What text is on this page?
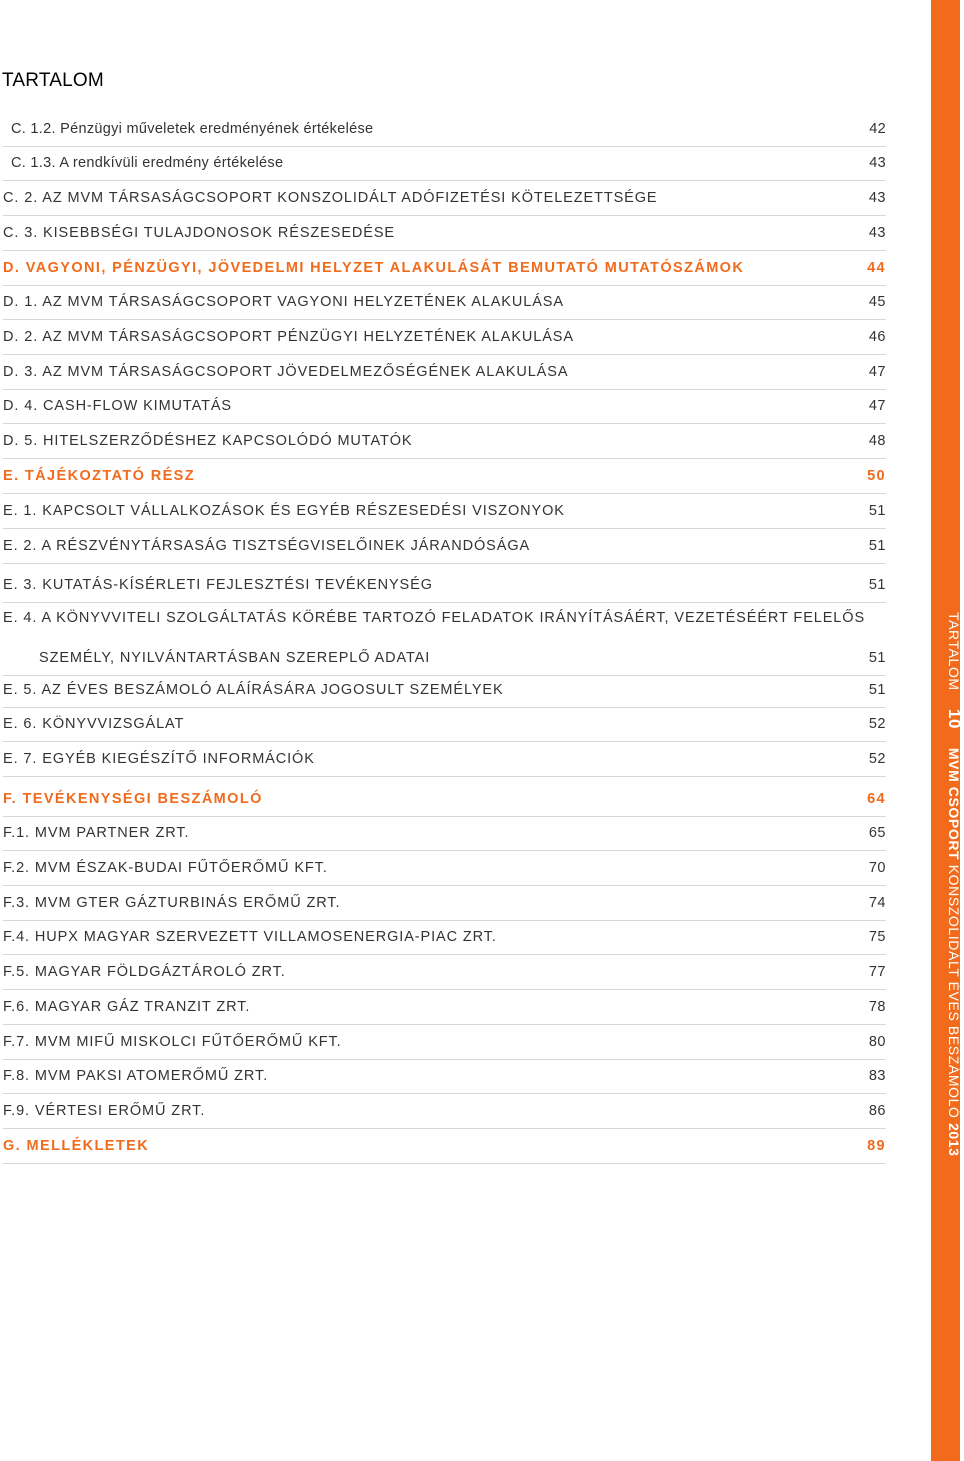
TARTALOM
C. 1.2. Pénzügyi műveletek eredményének értékelése	42
C. 1.3. A rendkívüli eredmény értékelése	43
C. 2. AZ MVM TÁRSASÁGCSOPORT KONSZOLIDÁLT ADÓFIZETÉSI KÖTELEZETTSÉGE	43
C. 3. KISEBBSÉGI TULAJDONOSOK RÉSZESEDÉSE	43
D. VAGYONI, PÉNZÜGYI, JÖVEDELMI HELYZET ALAKULÁSÁT BEMUTATÓ MUTATÓSZÁMOK	44
D. 1. AZ MVM TÁRSASÁGCSOPORT VAGYONI HELYZETÉNEK ALAKULÁSA	45
D. 2. AZ MVM TÁRSASÁGCSOPORT PÉNZÜGYI HELYZETÉNEK ALAKULÁSA	46
D. 3. AZ MVM TÁRSASÁGCSOPORT JÖVEDELMEZŐSÉGÉNEK ALAKULÁSA	47
D. 4. CASH-FLOW KIMUTATÁS	47
D. 5. HITELSZERZŐDÉSHEZ KAPCSOLÓDÓ MUTATÓK	48
E. TÁJÉKOZTATÓ RÉSZ	50
E. 1. KAPCSOLT VÁLLALKOZÁSOK ÉS EGYÉB RÉSZESEDÉSI VISZONYOK	51
E. 2. A RÉSZVÉNYTÁRSASÁG TISZTSÉGVISELŐINEK JÁRANDÓSÁGA	51
E. 3. KUTATÁS-KÍSÉRLETI FEJLESZTÉSI TEVÉKENYSÉG	51
E. 4. A KÖNYVVITELI SZOLGÁLTATÁS KÖRÉBE TARTOZÓ FELADATOK IRÁNYÍTÁSÁÉRT, VEZETÉSÉÉRT FELELŐS
SZEMÉLY, NYILVÁNTARTÁSBAN SZEREPLŐ ADATAI	51
E. 5. AZ ÉVES BESZÁMOLÓ ALÁÍRÁSÁRA JOGOSULT SZEMÉLYEK	51
E. 6. KÖNYVVIZSGÁLAT	52
E. 7. EGYÉB KIEGÉSZÍTŐ INFORMÁCIÓK	52
F. TEVÉKENYSÉGI BESZÁMOLÓ	64
F.1. MVM PARTNER ZRT.	65
F.2. MVM ÉSZAK-BUDAI FŰTŐERŐMŰ KFT.	70
F.3. MVM GTER GÁZTURBINÁS ERŐMŰ ZRT.	74
F.4. HUPX MAGYAR SZERVEZETT VILLAMOSENERGIA-PIAC ZRT.	75
F.5. MAGYAR FÖLDGÁZTÁROLÓ ZRT.	77
F.6. MAGYAR GÁZ TRANZIT ZRT.	78
F.7. MVM MIFŰ MISKOLCI FŰTŐERŐMŰ KFT.	80
F.8. MVM PAKSI ATOMERŐMŰ ZRT.	83
F.9. VÉRTESI ERŐMŰ ZRT.	86
G. MELLÉKLETEK	89
TARTALOM 10 MVM CSOPORT KONSZOLIDÁLT ÉVES BESZÁMOLÓ 2013
